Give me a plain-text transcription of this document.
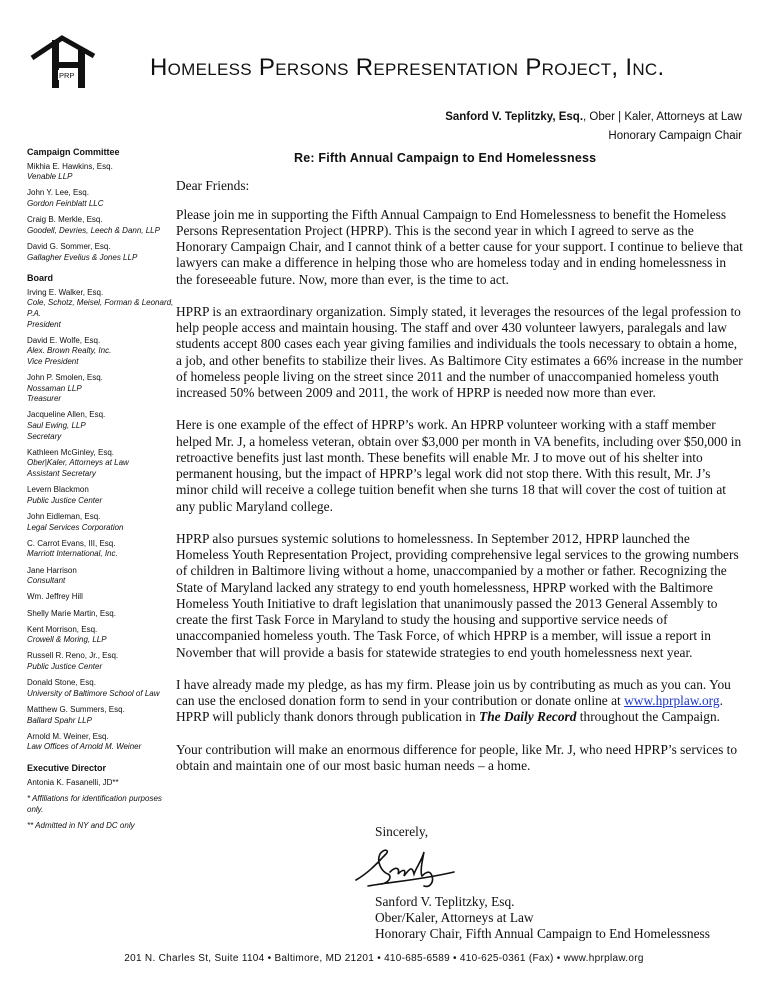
PRP	Homeless Persons Representation Project, Inc.
Sanford V. Teplitzky, Esq., Ober | Kaler, Attorneys at Law
Honorary Campaign Chair
Campaign Committee
Mikhia E. Hawkins, Esq.
Venable LLP
John Y. Lee, Esq.
Gordon Feinblatt LLC
Craig B. Merkle, Esq.
Goodell, Devries, Leech & Dann, LLP
David G. Sommer, Esq.
Gallagher Evelius & Jones LLP
Board
Irving E. Walker, Esq.
Cole, Schotz, Meisel, Forman & Leonard, P.A.
President
David E. Wolfe, Esq.
Alex. Brown Realty, Inc.
Vice President
John P. Smolen, Esq.
Nossaman LLP
Treasurer
Jacqueline Allen, Esq.
Saul Ewing, LLP
Secretary
Kathleen McGinley, Esq.
Ober|Kaler, Attorneys at Law
Assistant Secretary
Levern Blackmon
Public Justice Center
John Eidleman, Esq.
Legal Services Corporation
C. Carrot Evans, III, Esq.
Marriott International, Inc.
Jane Harrison
Consultant
Wm. Jeffrey Hill
Shelly Marie Martin, Esq.
Kent Morrison, Esq.
Crowell & Moring, LLP
Russell R. Reno, Jr., Esq.
Public Justice Center
Donald Stone, Esq.
University of Baltimore School of Law
Matthew G. Summers, Esq.
Ballard Spahr LLP
Arnold M. Weiner, Esq.
Law Offices of Arnold M. Weiner
Executive Director
Antonia K. Fasanelli, JD**
* Affiliations for identification purposes only.
** Admitted in NY and DC only
Re: Fifth Annual Campaign to End Homelessness
Dear Friends:

Please join me in supporting the Fifth Annual Campaign to End Homelessness to benefit the Homeless Persons Representation Project (HPRP). This is the second year in which I agreed to serve as the Honorary Campaign Chair, and I cannot think of a better cause for your support. I continue to believe that lawyers can make a difference in helping those who are homeless today and in ending homelessness in the foreseeable future. Now, more than ever, is the time to act.

HPRP is an extraordinary organization. Simply stated, it leverages the resources of the legal profession to help people access and maintain housing. The staff and over 430 volunteer lawyers, paralegals and law students accept 800 cases each year giving families and individuals the tools necessary to obtain a home, a job, and other benefits to stabilize their lives. As Baltimore City estimates a 66% increase in the number of homeless people living on the street since 2011 and the number of unaccompanied homeless youth increased 50% between 2009 and 2011, the work of HPRP is needed now more than ever.

Here is one example of the effect of HPRP’s work. An HPRP volunteer working with a staff member helped Mr. J, a homeless veteran, obtain over $3,000 per month in VA benefits, including over $50,000 in retroactive benefits just last month. These benefits will enable Mr. J to move out of his shelter into permanent housing, but the impact of HPRP’s legal work did not stop there. With this result, Mr. J’s minor child will receive a college tuition benefit when she turns 18 that will cover the cost of tuition at any public Maryland college.

HPRP also pursues systemic solutions to homelessness. In September 2012, HPRP launched the Homeless Youth Representation Project, providing comprehensive legal services to the growing numbers of children in Baltimore living without a home, unaccompanied by a mother or father. Recognizing the State of Maryland lacked any strategy to end youth homelessness, HPRP worked with the Baltimore Homeless Youth Initiative to draft legislation that unanimously passed the 2013 General Assembly to create the first Task Force in Maryland to study the housing and supportive service needs of unaccompanied homeless youth. The Task Force, of which HPRP is a member, will issue a report in November that will provide a basis for statewide strategies to end youth homelessness next year.

I have already made my pledge, as has my firm. Please join us by contributing as much as you can. You can use the enclosed donation form to send in your contribution or donate online at www.hprplaw.org. HPRP will publicly thank donors through publication in The Daily Record throughout the Campaign.

Your contribution will make an enormous difference for people, like Mr. J, who need HPRP’s services to obtain and maintain one of our most basic human needs – a home.

Sincerely,
Sanford V. Teplitzky, Esq.
Ober/Kaler, Attorneys at Law
Honorary Chair, Fifth Annual Campaign to End Homelessness
201 N. Charles St, Suite 1104 • Baltimore, MD 21201 • 410-685-6589 • 410-625-0361 (Fax) • www.hprplaw.org
